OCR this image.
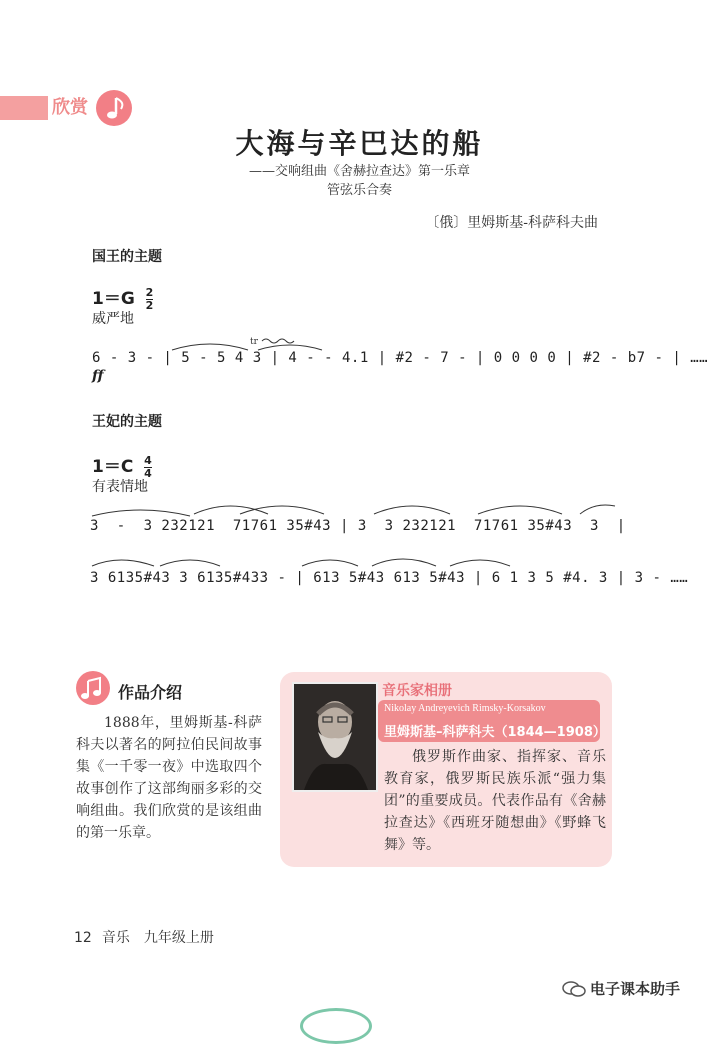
欣赏
大海与辛巴达的船
——交响组曲《舍赫拉查达》第一乐章
管弦乐合奏
〔俄〕里姆斯基-科萨科夫曲
国王的主题
$1=G \frac{2}{2}$
威严地
6 - 3 - | 5 - 5 4 3 | 4 - - 4.1 | #2 - 7 - | 0 0 0 0 | #2 - b7 - | ……
ff
tr
王妃的主题
$1=C \frac{4}{4}$
有表情地
3  -  3 232121  71761 35#43 | 3  3 232121  71761 35#43  3  |
3 6135#43 3 6135#433 - | 613 5#43 613 5#43 | 6 1 3 5 #4. 3 | 3 - ……
作品介绍
1888年，里姆斯基-科萨科夫以著名的阿拉伯民间故事集《一千零一夜》中选取四个故事创作了这部绚丽多彩的交响组曲。我们欣赏的是该组曲的第一乐章。
音乐家相册
Nikolay Andreyevich Rimsky-Korsakov
里姆斯基–科萨科夫（1844—1908）
俄罗斯作曲家、指挥家、音乐教育家，俄罗斯民族乐派“强力集团”的重要成员。代表作品有《舍赫拉查达》《西班牙随想曲》《野蜂飞舞》等。
12 音乐　九年级上册
电子课本助手
